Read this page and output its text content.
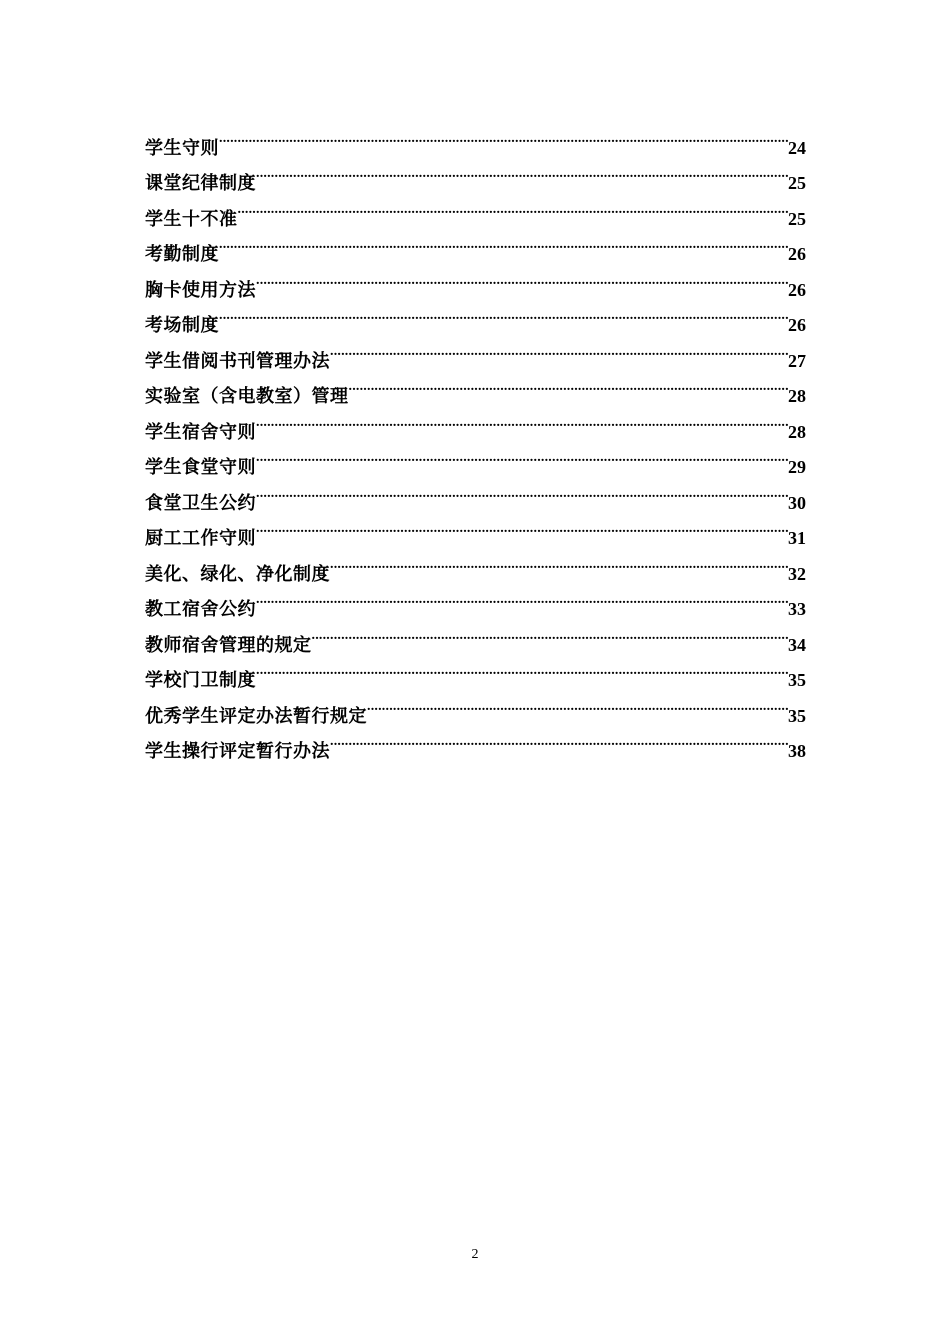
学生守则 .....	24
课堂纪律制度 .....	25
学生十不准 .....	25
考勤制度 .....	26
胸卡使用方法 .....	26
考场制度 .....	26
学生借阅书刊管理办法 .....	27
实验室（含电教室）管理 .....	28
学生宿舍守则 .....	28
学生食堂守则 .....	29
食堂卫生公约 .....	30
厨工工作守则 .....	31
美化、绿化、净化制度 .....	32
教工宿舍公约 .....	33
教师宿舍管理的规定 .....	34
学校门卫制度 .....	35
优秀学生评定办法暂行规定 .....	35
学生操行评定暂行办法 .....	38
2
